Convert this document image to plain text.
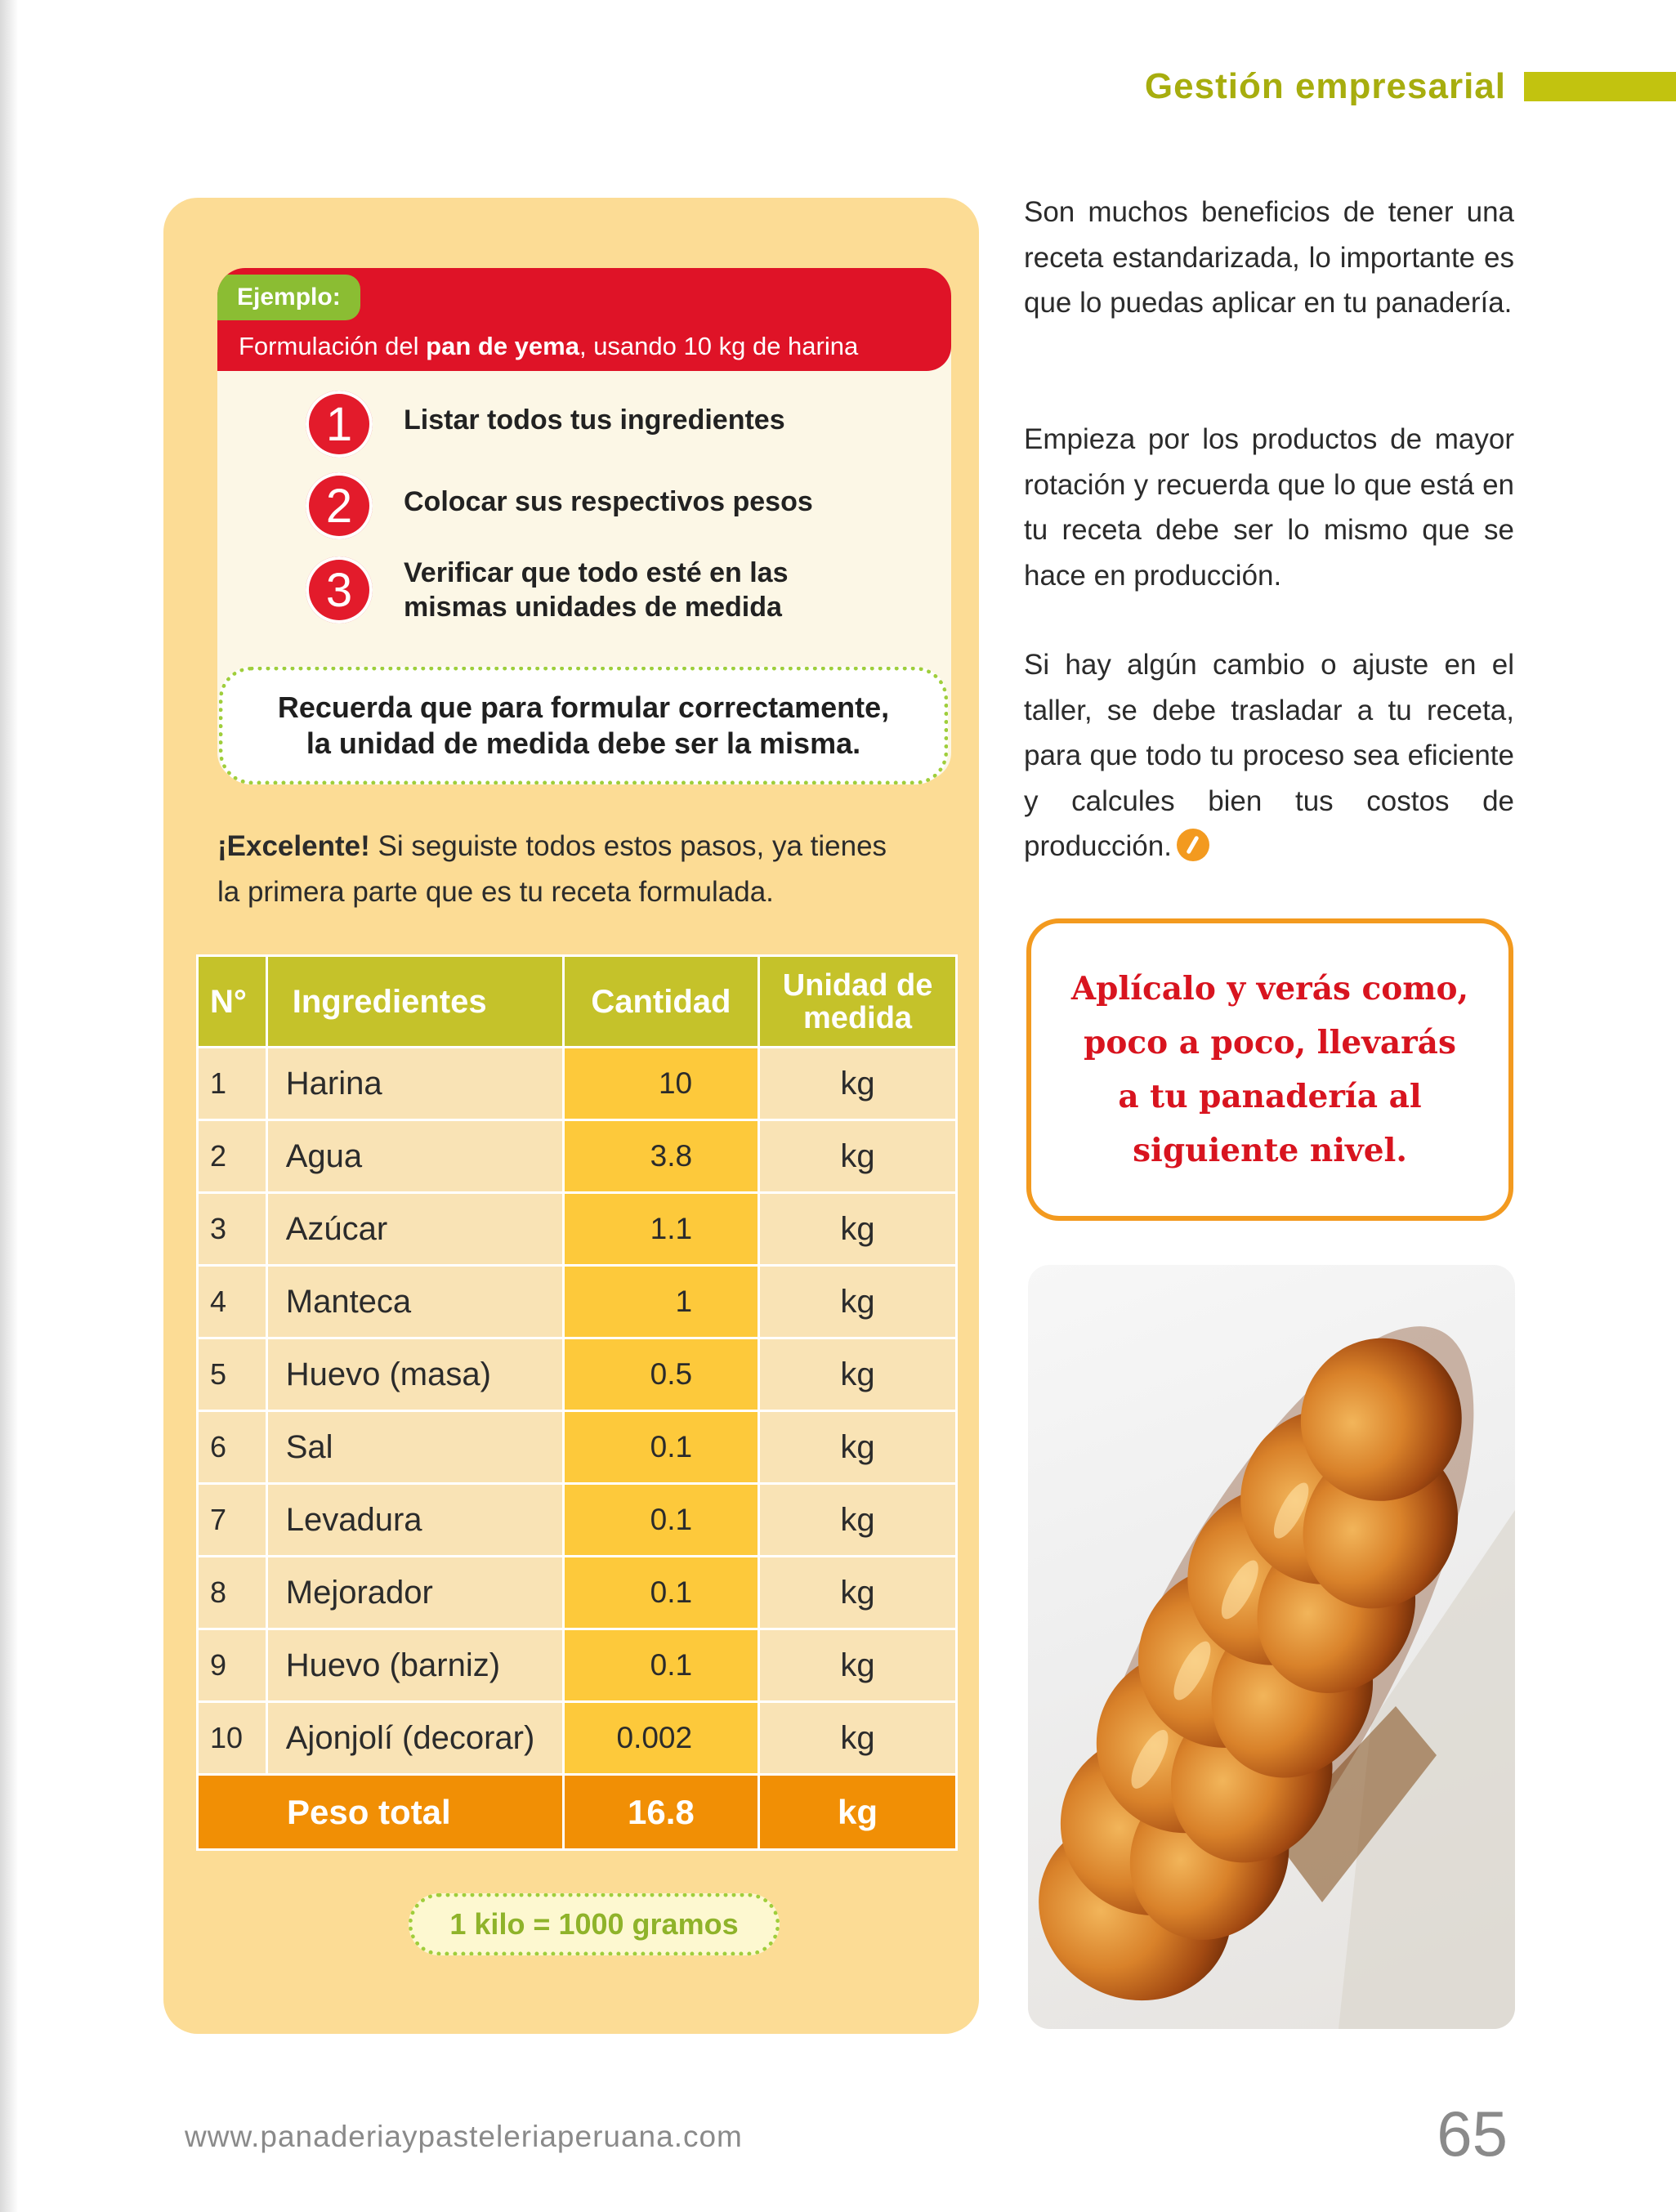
Gestión empresarial
Ejemplo:
Formulación del pan de yema, usando 10 kg de harina
1	Listar todos tus ingredientes
2	Colocar sus respectivos pesos
3	Verificar que todo esté en las
mismas unidades de medida
Recuerda que para formular correctamente,
la unidad de medida debe ser la misma.
¡Excelente! Si seguiste todos estos pasos, ya tienes
la primera parte que es tu receta formulada.
N°	Ingredientes	Cantidad	Unidad de
medida

1	Harina	10	kg
2	Agua	3.8	kg
3	Azúcar	1.1	kg
4	Manteca	1	kg
5	Huevo (masa)	0.5	kg
6	Sal	0.1	kg
7	Levadura	0.1	kg
8	Mejorador	0.1	kg
9	Huevo (barniz)	0.1	kg
10	Ajonjolí (decorar)	0.002	kg
Peso total		16.8	kg
1 kilo = 1000 gramos
Son muchos beneficios de tener una receta estandarizada, lo importante es que lo puedas aplicar en tu panadería.
Empieza por los productos de mayor rotación y recuerda que lo que está en tu receta debe ser lo mismo que se hace en producción.
Si hay algún cambio o ajuste en el taller, se debe trasladar a tu receta, para que todo tu proceso sea eficiente y calcules bien tus costos de producción.
Aplícalo y verás como,
poco a poco, llevarás
a tu panadería al
siguiente nivel.
www.panaderiaypasteleriaperuana.com	65
